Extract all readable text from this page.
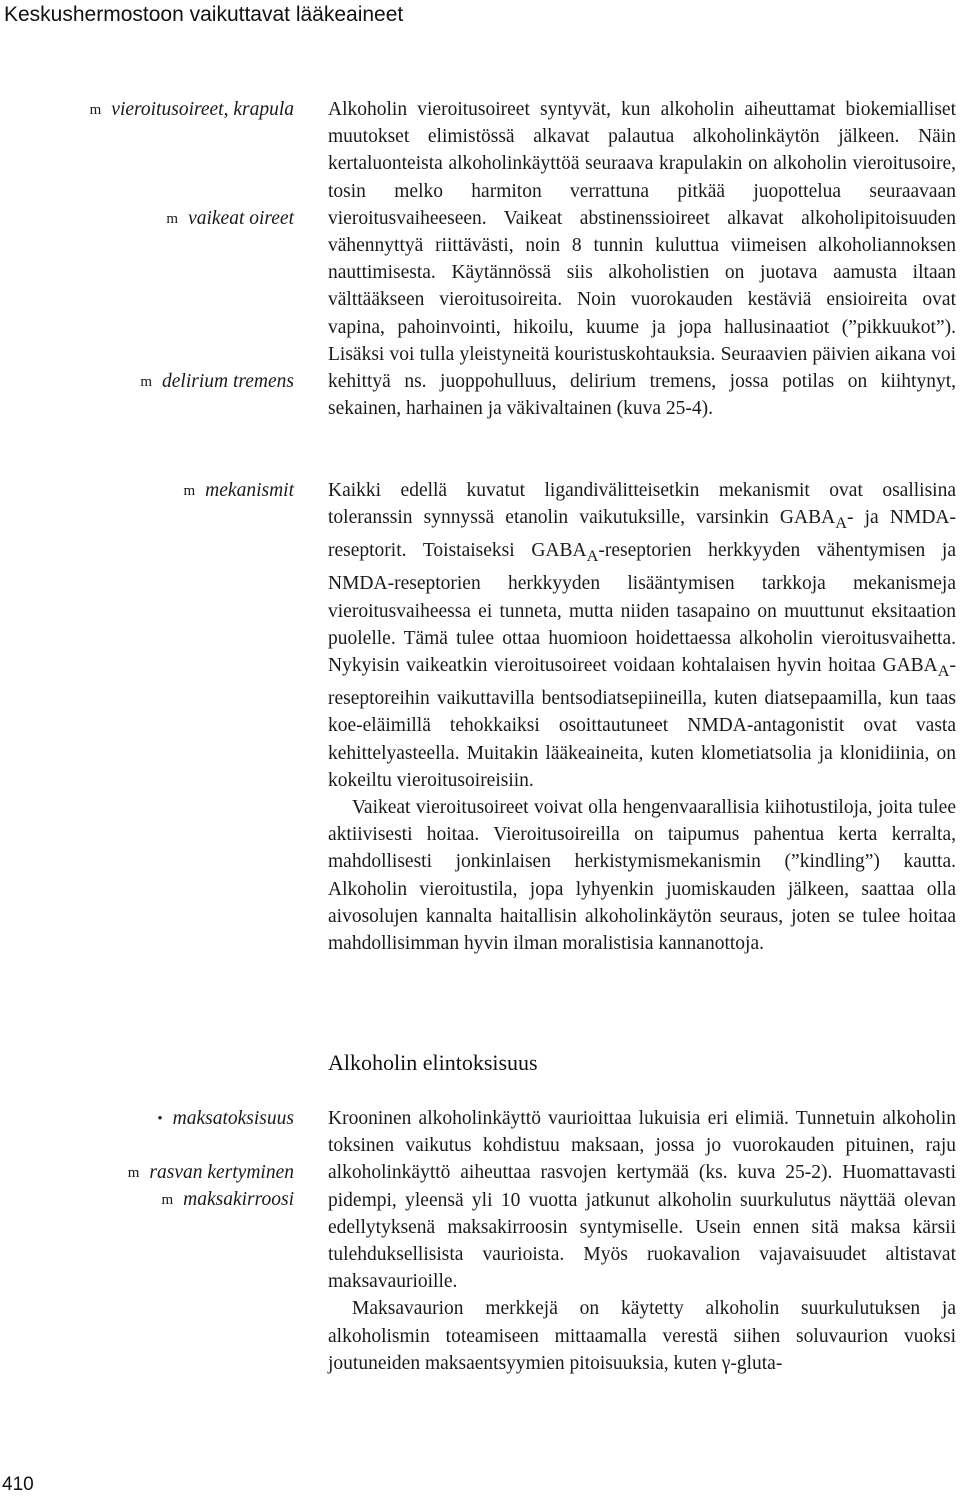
Keskushermostoon vaikuttavat lääkeaineet
m vieroitusoireet, krapula
m vaikeat oireet
m delirium tremens
m mekanismit
• maksatoksisuus
m rasvan kertyminen
m maksakirroosi

Alkoholin vieroitusoireet syntyvät, kun alkoholin aiheuttamat biokemialliset muutokset elimistössä alkavat palautua alkoholinkäytön jälkeen. Näin kertaluonteista alkoholinkäyttöä seuraava krapulakin on alkoholin vieroitusoire, tosin melko harmiton verrattuna pitkää juopottelua seuraavaan vieroitusvaiheeseen. Vaikeat abstinenssioireet alkavat alkoholipitoisuuden vähennyttyä riittävästi, noin 8 tunnin kuluttua viimeisen alkoholiannoksen nauttimisesta. Käytännössä siis alkoholistien on juotava aamusta iltaan välttääkseen vieroitusoireita. Noin vuorokauden kestäviä ensioireita ovat vapina, pahoinvointi, hikoilu, kuume ja jopa hallusinaatiot (”pikkuukot”). Lisäksi voi tulla yleistyneitä kouristuskohtauksia. Seuraavien päivien aikana voi kehittyä ns. juoppohulluus, delirium tremens, jossa potilas on kiihtynyt, sekainen, harhainen ja väkivaltainen (kuva 25-4).

Kaikki edellä kuvatut ligandivälitteisetkin mekanismit ovat osallisina toleranssin synnyssä etanolin vaikutuksille, varsinkin $GABA_A-$ ja NMDA-reseptorit. Toistaiseksi $GABA_A$-reseptorien herkkyyden vähentymisen ja NMDA-reseptorien herkkyyden lisääntymisen tarkkoja mekanismeja vieroitusvaiheessa ei tunneta, mutta niiden tasapaino on muuttunut eksitaation puolelle. Tämä tulee ottaa huomioon hoidettaessa alkoholin vieroitusvaihetta. Nykyisin vaikeatkin vieroitusoireet voidaan kohtalaisen hyvin hoitaa $GABA_A$-reseptoreihin vaikuttavilla bentsodiatsepiineilla, kuten diatsepaamilla, kun taas koe-eläimillä tehokkaiksi osoittautuneet NMDA-antagonistit ovat vasta kehittelyasteella. Muitakin lääkeaineita, kuten klometiatsolia ja klonidiinia, on kokeiltu vieroitusoireisiin.

Vaikeat vieroitusoireet voivat olla hengenvaarallisia kiihotustiloja, joita tulee aktiivisesti hoitaa. Vieroitusoireilla on taipumus pahentua kerta kerralta, mahdollisesti jonkinlaisen herkistymismekanismin (”kindling”) kautta. Alkoholin vieroitustila, jopa lyhyenkin juomiskauden jälkeen, saattaa olla aivosolujen kannalta haitallisin alkoholinkäytön seuraus, joten se tulee hoitaa mahdollisimman hyvin ilman moralistisia kannanottoja.

Alkoholin elintoksisuus

Krooninen alkoholinkäyttö vaurioittaa lukuisia eri elimiä. Tunnetuin alkoholin toksinen vaikutus kohdistuu maksaan, jossa jo vuorokauden pituinen, raju alkoholinkäyttö aiheuttaa rasvojen kertymää (ks. kuva 25-2). Huomattavasti pidempi, yleensä yli 10 vuotta jatkunut alkoholin suurkulutus näyttää olevan edellytyksenä maksakirroosin syntymiselle. Usein ennen sitä maksa kärsii tulehduksellisista vaurioista. Myös ruokavalion vajavaisuudet altistavat maksavaurioille.

Maksavaurion merkkejä on käytetty alkoholin suurkulutuksen ja alkoholismin toteamiseen mittaamalla verestä siihen soluvaurion vuoksi joutuneiden maksaentsyymien pitoisuuksia, kuten γ-gluta-

410
